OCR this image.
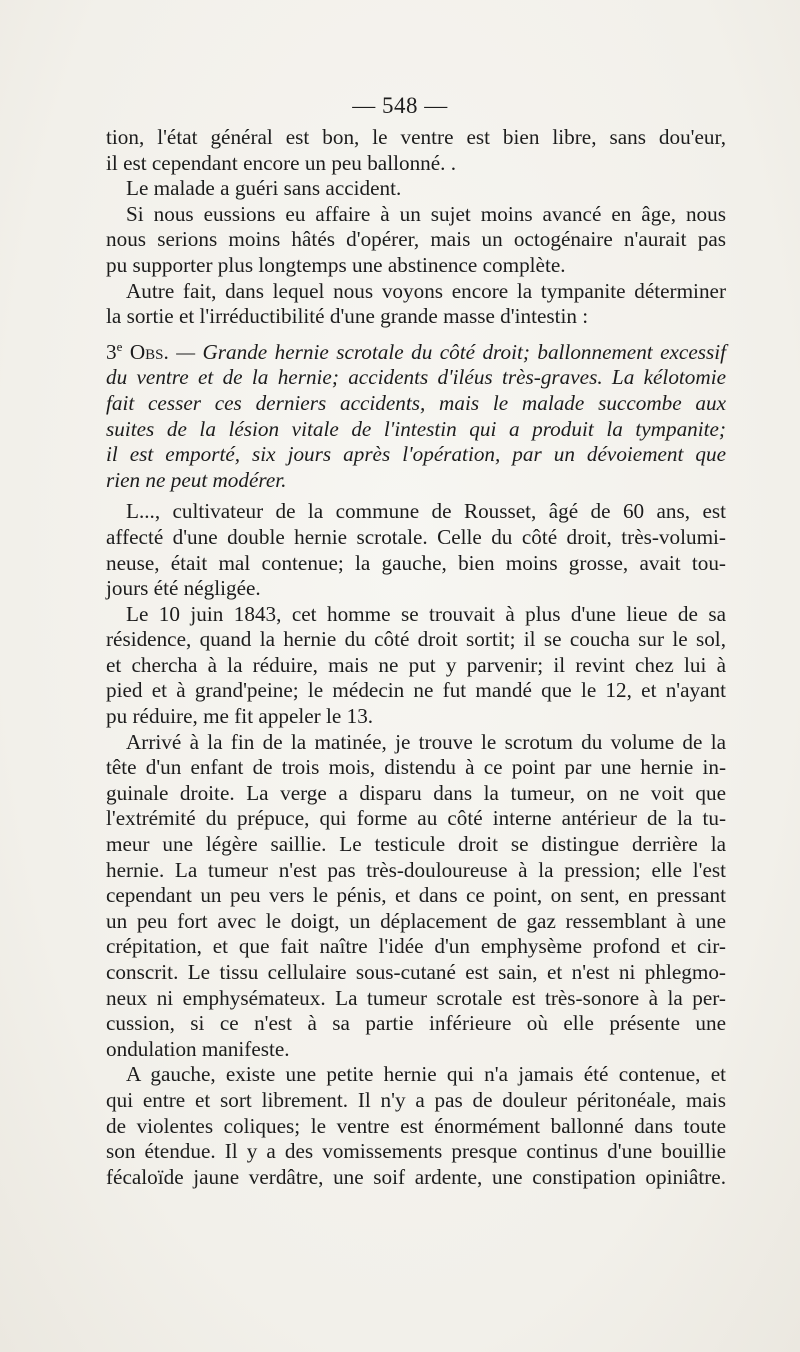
— 548 —
tion, l'état général est bon, le ventre est bien libre, sans dou'eur,
il est cependant encore un peu ballonné. .
Le malade a guéri sans accident.
Si nous eussions eu affaire à un sujet moins avancé en âge, nous
nous serions moins hâtés d'opérer, mais un octogénaire n'aurait pas
pu supporter plus longtemps une abstinence complète.
Autre fait, dans lequel nous voyons encore la tympanite déterminer
la sortie et l'irréductibilité d'une grande masse d'intestin :
3e Obs. — Grande hernie scrotale du côté droit; ballonnement excessif
du ventre et de la hernie; accidents d'iléus très-graves. La kélotomie
fait cesser ces derniers accidents, mais le malade succombe aux
suites de la lésion vitale de l'intestin qui a produit la tympanite;
il est emporté, six jours après l'opération, par un dévoiement que
rien ne peut modérer.
L..., cultivateur de la commune de Rousset, âgé de 60 ans, est
affecté d'une double hernie scrotale. Celle du côté droit, très-volumi-
neuse, était mal contenue; la gauche, bien moins grosse, avait tou-
jours été négligée.
Le 10 juin 1843, cet homme se trouvait à plus d'une lieue de sa
résidence, quand la hernie du côté droit sortit; il se coucha sur le sol,
et chercha à la réduire, mais ne put y parvenir; il revint chez lui à
pied et à grand'peine; le médecin ne fut mandé que le 12, et n'ayant
pu réduire, me fit appeler le 13.
Arrivé à la fin de la matinée, je trouve le scrotum du volume de la
tête d'un enfant de trois mois, distendu à ce point par une hernie in-
guinale droite. La verge a disparu dans la tumeur, on ne voit que
l'extrémité du prépuce, qui forme au côté interne antérieur de la tu-
meur une légère saillie. Le testicule droit se distingue derrière la
hernie. La tumeur n'est pas très-douloureuse à la pression; elle l'est
cependant un peu vers le pénis, et dans ce point, on sent, en pressant
un peu fort avec le doigt, un déplacement de gaz ressemblant à une
crépitation, et que fait naître l'idée d'un emphysème profond et cir-
conscrit. Le tissu cellulaire sous-cutané est sain, et n'est ni phlegmo-
neux ni emphysémateux. La tumeur scrotale est très-sonore à la per-
cussion, si ce n'est à sa partie inférieure où elle présente une
ondulation manifeste.
A gauche, existe une petite hernie qui n'a jamais été contenue, et
qui entre et sort librement. Il n'y a pas de douleur péritonéale, mais
de violentes coliques; le ventre est énormément ballonné dans toute
son étendue. Il y a des vomissements presque continus d'une bouillie
fécaloïde jaune verdâtre, une soif ardente, une constipation opiniâtre.
